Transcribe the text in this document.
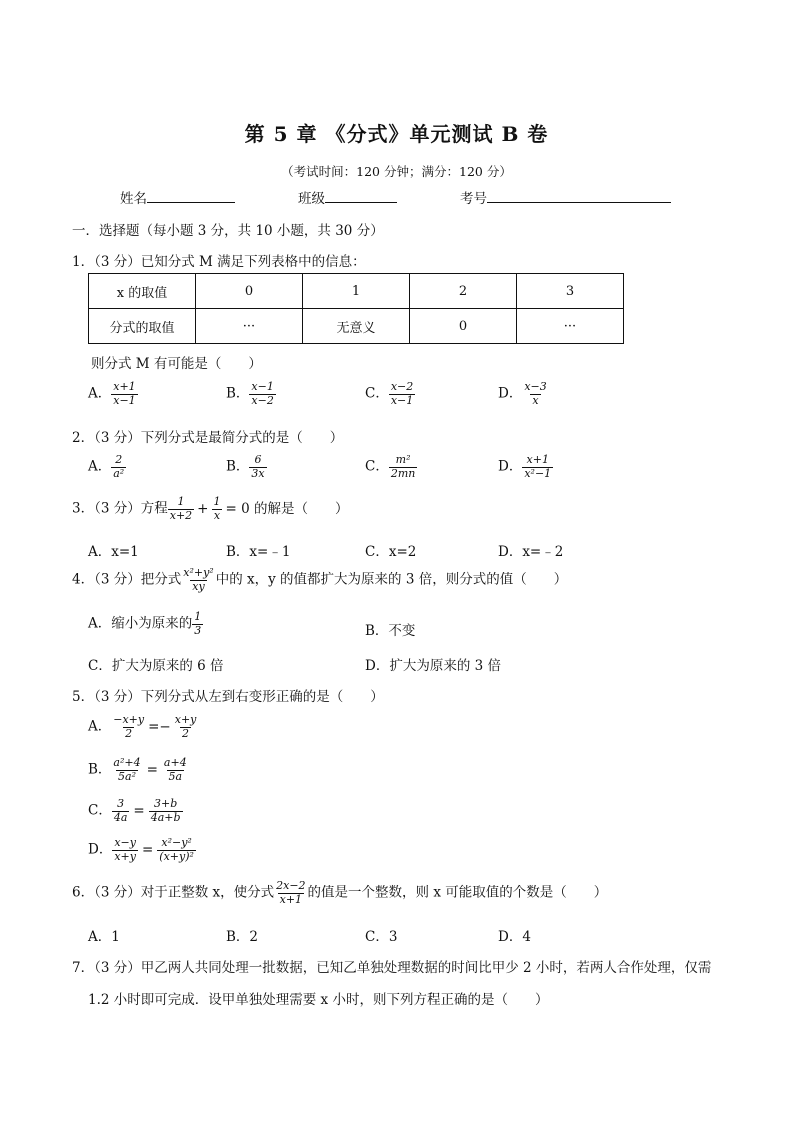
第 5 章 《分式》单元测试 B 卷
（考试时间：120 分钟；满分：120 分）
姓名	班级	考号
一．选择题（每小题 3 分，共 10 小题，共 30 分）
1．（3 分）已知分式 M 满足下列表格中的信息：
x 的取值	0	1	2	3
分式的取值	···	无意义	0	···
则分式 M 有可能是（　　）
A． $\frac{x+1}{x-1}$	B． $\frac{x-1}{x-2}$	C． $\frac{x-2}{x-1}$	D． $\frac{x-3}{x}$
2．（3 分）下列分式是最简分式的是（　　）
A． $\frac{2}{\text{a²}}$	B． $\frac{6}{3x}$	C． $\frac{\text{m²}}{2mn}$	D． $\frac{x+1}{\text{x²−1}}$
3．（3 分）方程 $\frac{1}{x+2} + \frac{1}{x} = 0$ 的解是（　　）
A．x=1	B．x=﹣1	C．x=2	D．x=﹣2
4．（3 分）把分式 $\frac{\text{x²+y²}}{xy}$ 中的 x，y 的值都扩大为原来的 3 倍，则分式的值（　　）
A．缩小为原来的 $\frac{1}{3}$	B．不变
C．扩大为原来的 6 倍	D．扩大为原来的 3 倍
5．（3 分）下列分式从左到右变形正确的是（　　）
A． $\frac{-x+y}{2} =- \frac{x+y}{2}$
B． $\frac{\text{a²+4}}{\text{5a²}} = \frac{a+4}{5a}$
C． $\frac{3}{4a} = \frac{3+b}{4a+b}$
D． $\frac{x-y}{x+y} = \frac{\text{x²−y²}}{\text{(x+y)²}}$
6．（3 分）对于正整数 x，使分式 $\frac{2x-2}{x+1}$ 的值是一个整数，则 x 可能取值的个数是（　　）
A．1	B．2	C．3	D．4
7．（3 分）甲乙两人共同处理一批数据，已知乙单独处理数据的时间比甲少 2 小时，若两人合作处理，仅需
1.2 小时即可完成．设甲单独处理需要 x 小时，则下列方程正确的是（　　）
